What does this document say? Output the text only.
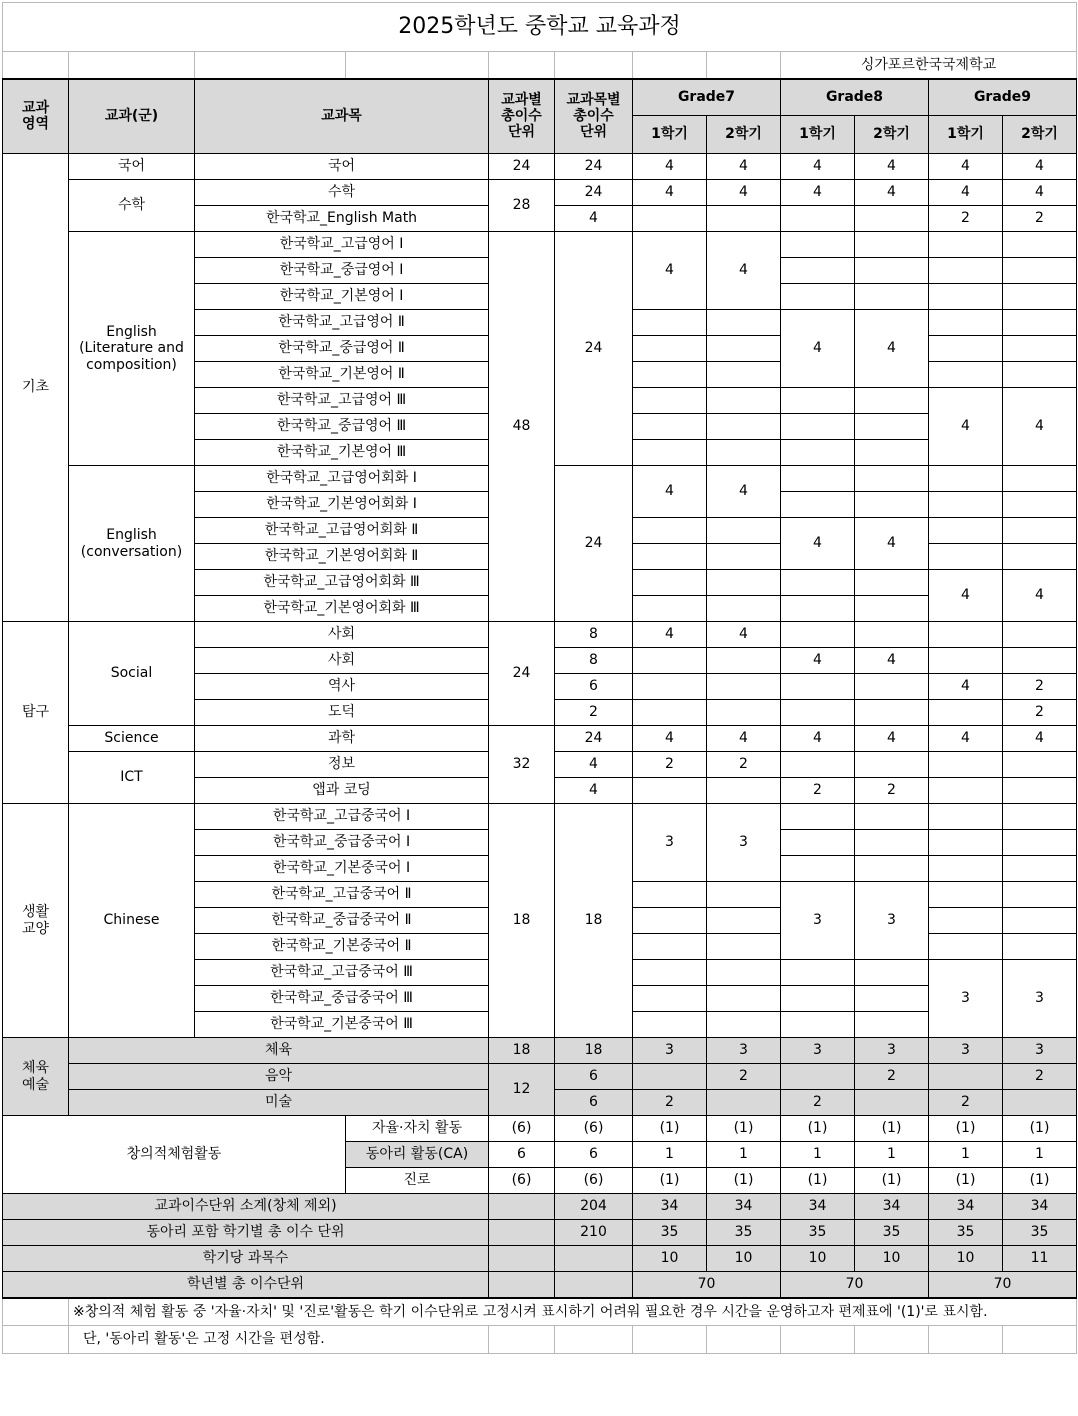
2025학년도 중학교 교육과정											
								싱가포르한국국제학교			
교과
영역	교과(군)	교과목		교과별
총이수
단위	교과목별
총이수
단위	Grade7		Grade8		Grade9	
						1학기	2학기	1학기	2학기	1학기	2학기
기초	국어	국어		24	24	4	4	4	4	4	4
	수학	수학		28	24	4	4	4	4	4	4
		한국학교_English Math			4					2	2
	English
(Literature and
composition)	한국학교_고급영어 Ⅰ		48	24	4	4				
		한국학교_중급영어 Ⅰ									
		한국학교_기본영어 Ⅰ									
		한국학교_고급영어 Ⅱ						4	4		
		한국학교_중급영어 Ⅱ									
		한국학교_기본영어 Ⅱ									
		한국학교_고급영어 Ⅲ								4	4
		한국학교_중급영어 Ⅲ									
		한국학교_기본영어 Ⅲ									
	English
(conversation)	한국학교_고급영어회화 Ⅰ			24	4	4				
		한국학교_기본영어회화 Ⅰ									
		한국학교_고급영어회화 Ⅱ						4	4		
		한국학교_기본영어회화 Ⅱ									
		한국학교_고급영어회화 Ⅲ								4	4
		한국학교_기본영어회화 Ⅲ									
탐구	Social	사회		24	8	4	4				
		사회			8			4	4		
		역사			6					4	2
		도덕			2						2
	Science	과학		32	24	4	4	4	4	4	4
	ICT	정보			4	2	2				
		앱과 코딩			4			2	2		
생활
교양	Chinese	한국학교_고급중국어 Ⅰ		18	18	3	3				
		한국학교_중급중국어 Ⅰ									
		한국학교_기본중국어 Ⅰ									
		한국학교_고급중국어 Ⅱ						3	3		
		한국학교_중급중국어 Ⅱ									
		한국학교_기본중국어 Ⅱ									
		한국학교_고급중국어 Ⅲ								3	3
		한국학교_중급중국어 Ⅲ									
		한국학교_기본중국어 Ⅲ									
체육
예술	체육			18	18	3	3	3	3	3	3
	음악			12	6		2		2		2
	미술				6	2		2		2	
창의적체험활동			자율·자치 활동	(6)	(6)	(1)	(1)	(1)	(1)	(1)	(1)
			동아리 활동(CA)	6	6	1	1	1	1	1	1
			진로	(6)	(6)	(1)	(1)	(1)	(1)	(1)	(1)
교과이수단위 소계(창체 제외)					204	34	34	34	34	34	34
동아리 포함 학기별 총 이수 단위					210	35	35	35	35	35	35
학기당 과목수						10	10	10	10	10	11
학년별 총 이수단위						70		70		70	
	※창의적 체험 활동 중 '자율·자치' 및 '진로'활동은 학기 이수단위로 고정시켜 표시하기 어려워 필요한 경우 시간을 운영하고자 편제표에 '(1)'로 표시함.										
	단, '동아리 활동'은 고정 시간을 편성함.										
